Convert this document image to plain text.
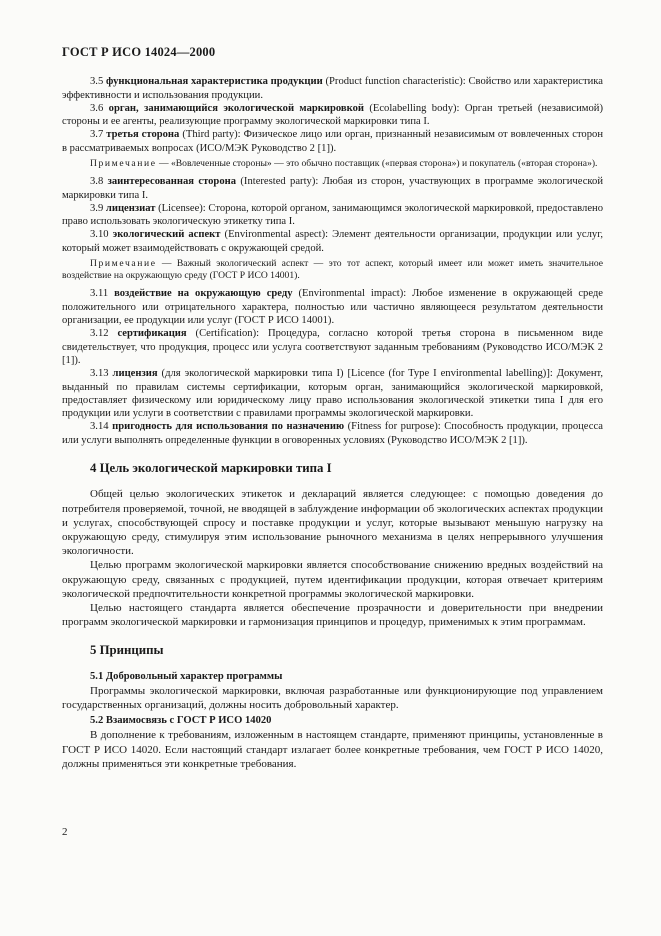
ГОСТ Р ИСО 14024—2000

3.5 функциональная характеристика продукции (Product function characteristic): Свойство или характеристика эффективности и использования продукции.

3.6 орган, занимающийся экологической маркировкой (Ecolabelling body): Орган третьей (независимой) стороны и ее агенты, реализующие программу экологической маркировки типа I.

3.7 третья сторона (Third party): Физическое лицо или орган, признанный независимым от вовлеченных сторон в рассматриваемых вопросах (ИСО/МЭК Руководство 2 [1]).

Примечание — «Вовлеченные стороны» — это обычно поставщик («первая сторона») и покупатель («вторая сторона»).

3.8 заинтересованная сторона (Interested party): Любая из сторон, участвующих в программе экологической маркировки типа I.

3.9 лицензиат (Licensee): Сторона, которой органом, занимающимся экологической маркировкой, предоставлено право использовать экологическую этикетку типа I.

3.10 экологический аспект (Environmental aspect): Элемент деятельности организации, продукции или услуг, который может взаимодействовать с окружающей средой.

Примечание — Важный экологический аспект — это тот аспект, который имеет или может иметь значительное воздействие на окружающую среду (ГОСТ Р ИСО 14001).

3.11 воздействие на окружающую среду (Environmental impact): Любое изменение в окружающей среде положительного или отрицательного характера, полностью или частично являющееся результатом деятельности организации, ее продукции или услуг (ГОСТ Р ИСО 14001).

3.12 сертификация (Certification): Процедура, согласно которой третья сторона в письменном виде свидетельствует, что продукция, процесс или услуга соответствуют заданным требованиям (Руководство ИСО/МЭК 2 [1]).

3.13 лицензия (для экологической маркировки типа I) [Licence (for Type I environmental labelling)]: Документ, выданный по правилам системы сертификации, которым орган, занимающийся экологической маркировкой, предоставляет физическому или юридическому лицу право использования экологической этикетки типа I для его продукции или услуги в соответствии с правилами программы экологической маркировки.

3.14 пригодность для использования по назначению (Fitness for purpose): Способность продукции, процесса или услуги выполнять определенные функции в оговоренных условиях (Руководство ИСО/МЭК 2 [1]).

4 Цель экологической маркировки типа I

Общей целью экологических этикеток и деклараций является следующее: с помощью доведения до потребителя проверяемой, точной, не вводящей в заблуждение информации об экологических аспектах продукции и услугах, способствующей спросу и поставке продукции и услуг, которые вызывают меньшую нагрузку на окружающую среду, стимулируя этим использование рыночного механизма в целях непрерывного улучшения экологичности.

Целью программ экологической маркировки является способствование снижению вредных воздействий на окружающую среду, связанных с продукцией, путем идентификации продукции, которая отвечает критериям экологической предпочтительности конкретной программы экологической маркировки.

Целью настоящего стандарта является обеспечение прозрачности и доверительности при внедрении программ экологической маркировки и гармонизация принципов и процедур, применимых к этим программам.

5 Принципы
5.1 Добровольный характер программы

Программы экологической маркировки, включая разработанные или функционирующие под управлением государственных организаций, должны носить добровольный характер.

5.2 Взаимосвязь с ГОСТ Р ИСО 14020

В дополнение к требованиям, изложенным в настоящем стандарте, применяют принципы, установленные в ГОСТ Р ИСО 14020. Если настоящий стандарт излагает более конкретные требования, чем ГОСТ Р ИСО 14020, должны применяться эти конкретные требования.

2
